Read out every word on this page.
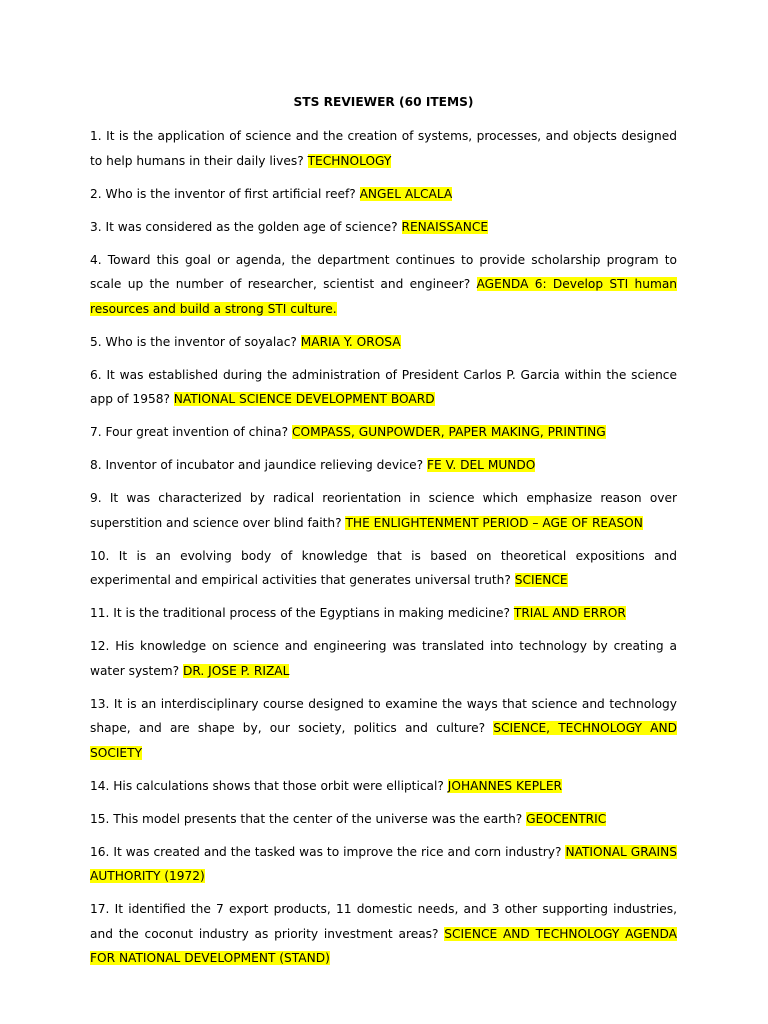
STS REVIEWER (60 ITEMS)

1. It is the application of science and the creation of systems, processes, and objects designed to help humans in their daily lives? TECHNOLOGY

2. Who is the inventor of first artificial reef? ANGEL ALCALA

3. It was considered as the golden age of science? RENAISSANCE

4. Toward this goal or agenda, the department continues to provide scholarship program to scale up the number of researcher, scientist and engineer? AGENDA 6: Develop STI human resources and build a strong STI culture.

5. Who is the inventor of soyalac? MARIA Y. OROSA

6. It was established during the administration of President Carlos P. Garcia within the science app of 1958? NATIONAL SCIENCE DEVELOPMENT BOARD

7. Four great invention of china? COMPASS, GUNPOWDER, PAPER MAKING, PRINTING

8. Inventor of incubator and jaundice relieving device? FE V. DEL MUNDO

9. It was characterized by radical reorientation in science which emphasize reason over superstition and science over blind faith? THE ENLIGHTENMENT PERIOD – AGE OF REASON

10. It is an evolving body of knowledge that is based on theoretical expositions and experimental and empirical activities that generates universal truth? SCIENCE

11. It is the traditional process of the Egyptians in making medicine? TRIAL AND ERROR

12. His knowledge on science and engineering was translated into technology by creating a water system? DR. JOSE P. RIZAL

13. It is an interdisciplinary course designed to examine the ways that science and technology shape, and are shape by, our society, politics and culture? SCIENCE, TECHNOLOGY AND SOCIETY

14. His calculations shows that those orbit were elliptical? JOHANNES KEPLER

15. This model presents that the center of the universe was the earth? GEOCENTRIC

16. It was created and the tasked was to improve the rice and corn industry? NATIONAL GRAINS AUTHORITY (1972)

17. It identified the 7 export products, 11 domestic needs, and 3 other supporting industries, and the coconut industry as priority investment areas? SCIENCE AND TECHNOLOGY AGENDA FOR NATIONAL DEVELOPMENT (STAND)
